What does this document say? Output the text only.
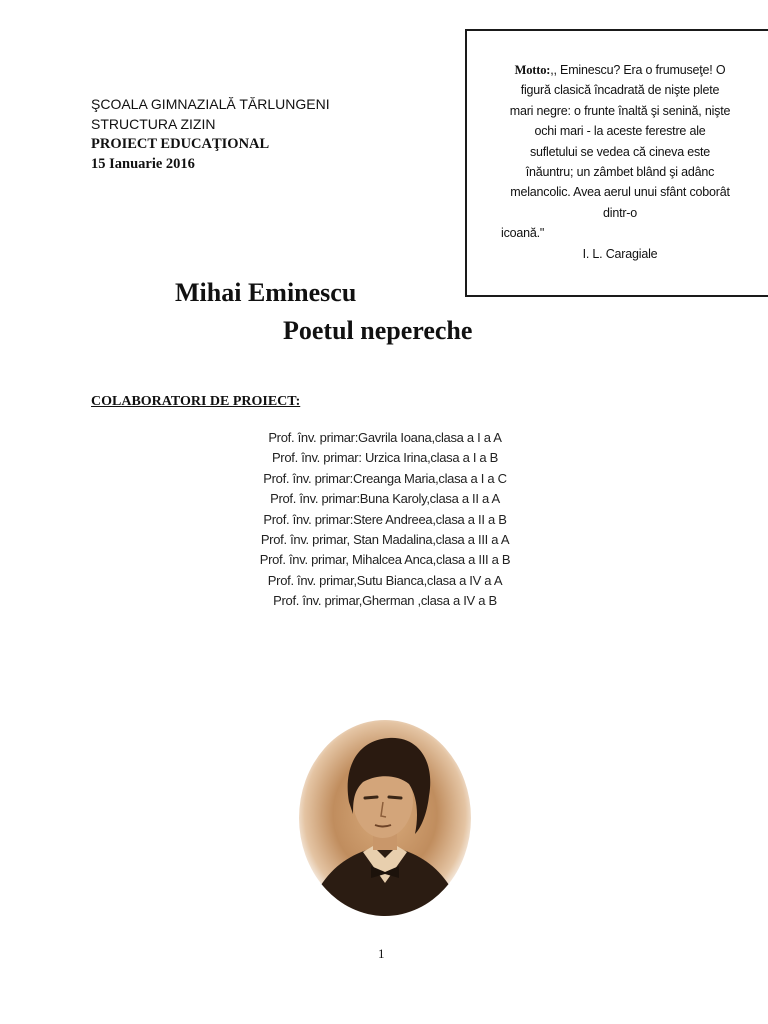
ŞCOALA GIMNAZIALĂ TĂRLUNGENI
STRUCTURA ZIZIN
PROIECT EDUCAŢIONAL
15 Ianuarie 2016
Motto:,, Eminescu? Era o frumuseţe! O
figură clasică încadrată de nişte plete
mari negre: o frunte înaltă şi senină, nişte
ochi mari - la aceste ferestre ale
sufletului se vedea că cineva este
înăuntru; un zâmbet blând şi adânc
melancolic. Avea aerul unui sfânt coborât
dintr-o
icoană."
I. L. Caragiale
Mihai Eminescu
Poetul nepereche
COLABORATORI DE PROIECT:
Prof. înv. primar:Gavrila Ioana,clasa a I a A
Prof. înv. primar: Urzica Irina,clasa a I a B
Prof. înv. primar:Creanga Maria,clasa a I a C
Prof. înv. primar:Buna Karoly,clasa a II a A
Prof. înv. primar:Stere Andreea,clasa a II a B
Prof. înv. primar, Stan Madalina,clasa a III a A
Prof. înv. primar, Mihalcea Anca,clasa a III a B
Prof. înv. primar,Sutu Bianca,clasa a IV a A
Prof. înv. primar,Gherman ,clasa a IV a B
1
